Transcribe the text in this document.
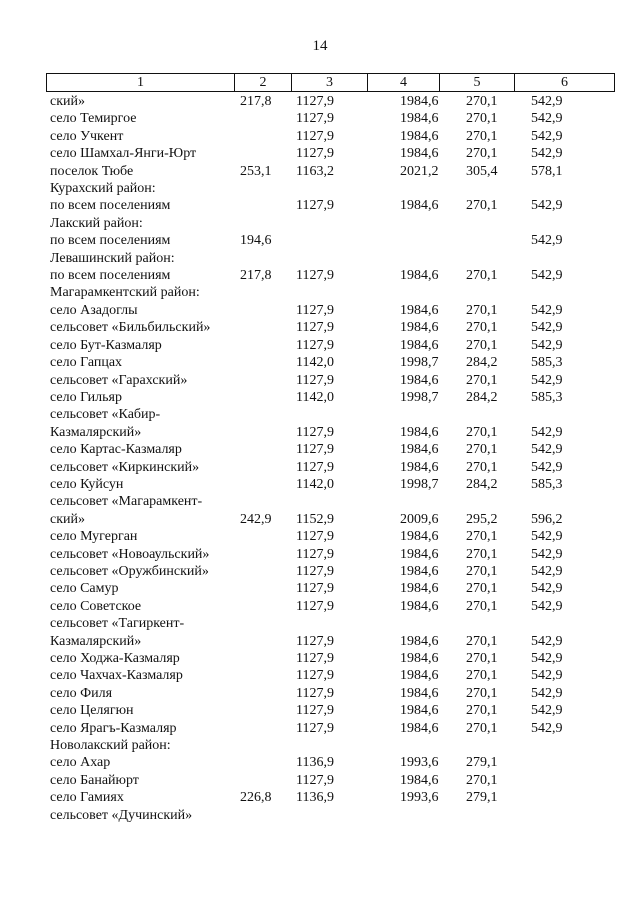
14
1	2	3	4	5	6
ский»	217,8	1127,9	1984,6	270,1	542,9
село Темиргое		1127,9	1984,6	270,1	542,9
село Учкент		1127,9	1984,6	270,1	542,9
село Шамхал-Янги-Юрт		1127,9	1984,6	270,1	542,9
поселок Тюбе	253,1	1163,2	2021,2	305,4	578,1
Курахский район:					
по всем поселениям		1127,9	1984,6	270,1	542,9
Лакский район:					
по всем поселениям	194,6				542,9
Левашинский район:					
по всем поселениям	217,8	1127,9	1984,6	270,1	542,9
Магарамкентский район:					
село Азадоглы		1127,9	1984,6	270,1	542,9
сельсовет «Бильбильский»		1127,9	1984,6	270,1	542,9
село Бут-Казмаляр		1127,9	1984,6	270,1	542,9
село Гапцах		1142,0	1998,7	284,2	585,3
сельсовет «Гарахский»		1127,9	1984,6	270,1	542,9
село Гильяр		1142,0	1998,7	284,2	585,3
сельсовет «Кабир-					
Казмалярский»		1127,9	1984,6	270,1	542,9
село Картас-Казмаляр		1127,9	1984,6	270,1	542,9
сельсовет «Киркинский»		1127,9	1984,6	270,1	542,9
село Куйсун		1142,0	1998,7	284,2	585,3
сельсовет «Магарамкент-					
ский»	242,9	1152,9	2009,6	295,2	596,2
село Мугерган		1127,9	1984,6	270,1	542,9
сельсовет «Новоаульский»		1127,9	1984,6	270,1	542,9
сельсовет «Оружбинский»		1127,9	1984,6	270,1	542,9
село Самур		1127,9	1984,6	270,1	542,9
село Советское		1127,9	1984,6	270,1	542,9
сельсовет «Тагиркент-					
Казмалярский»		1127,9	1984,6	270,1	542,9
село Ходжа-Казмаляр		1127,9	1984,6	270,1	542,9
село Чахчах-Казмаляр		1127,9	1984,6	270,1	542,9
село Филя		1127,9	1984,6	270,1	542,9
село Целягюн		1127,9	1984,6	270,1	542,9
село Ярагъ-Казмаляр		1127,9	1984,6	270,1	542,9
Новолакский район:					
село Ахар		1136,9	1993,6	279,1	
село Банайюрт		1127,9	1984,6	270,1	
село Гамиях	226,8	1136,9	1993,6	279,1	
сельсовет «Дучинский»					
